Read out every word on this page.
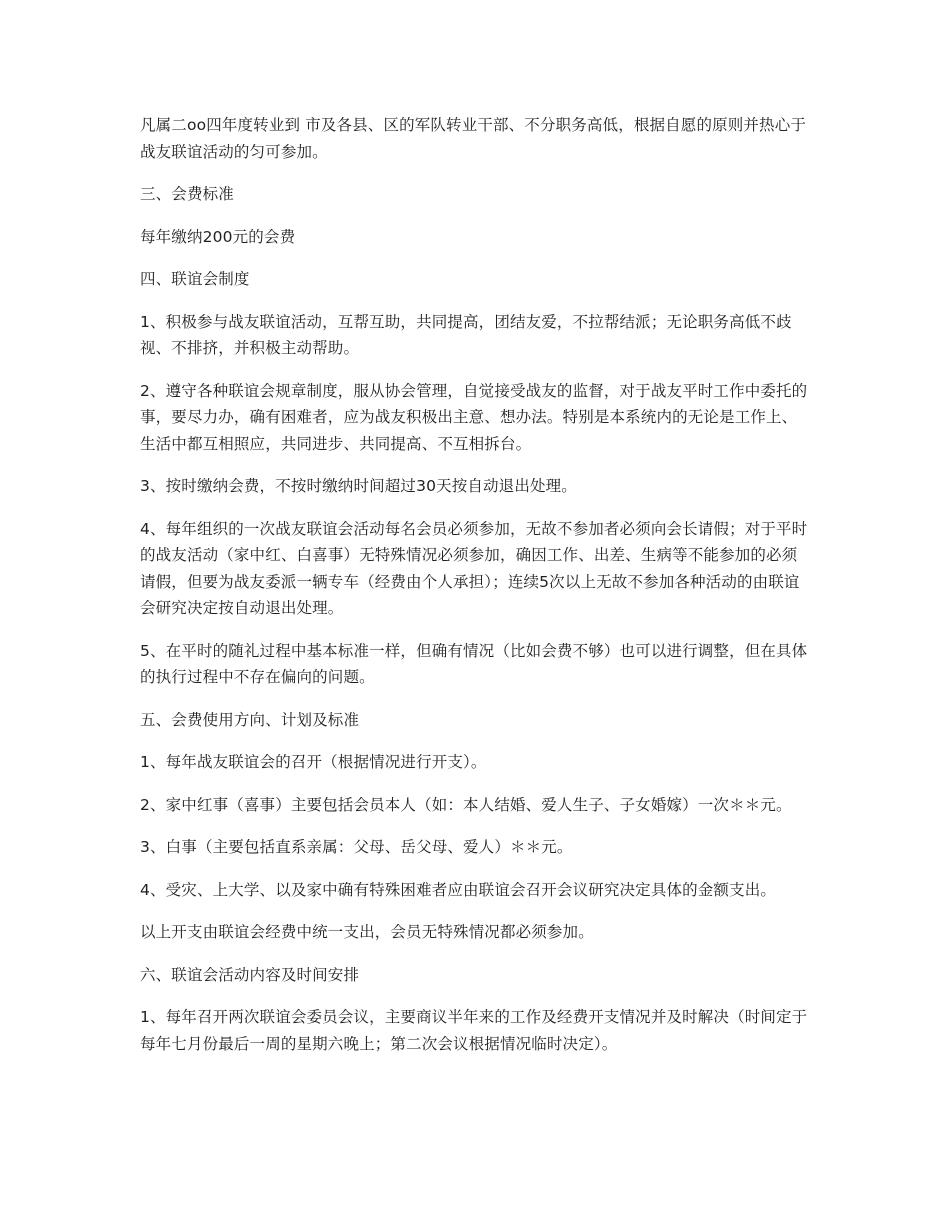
凡属二oo四年度转业到 市及各县、区的军队转业干部、不分职务高低，根据自愿的原则并热心于战友联谊活动的匀可参加。

三、会费标准

每年缴纳200元的会费

四、联谊会制度

1、积极参与战友联谊活动，互帮互助，共同提高，团结友爱，不拉帮结派；无论职务高低不歧视、不排挤，并积极主动帮助。

2、遵守各种联谊会规章制度，服从协会管理，自觉接受战友的监督，对于战友平时工作中委托的事，要尽力办，确有困难者，应为战友积极出主意、想办法。特别是本系统内的无论是工作上、生活中都互相照应，共同进步、共同提高、不互相拆台。

3、按时缴纳会费，不按时缴纳时间超过30天按自动退出处理。

4、每年组织的一次战友联谊会活动每名会员必须参加，无故不参加者必须向会长请假；对于平时的战友活动（家中红、白喜事）无特殊情况必须参加，确因工作、出差、生病等不能参加的必须请假，但要为战友委派一辆专车（经费由个人承担）；连续5次以上无故不参加各种活动的由联谊会研究决定按自动退出处理。

5、在平时的随礼过程中基本标准一样，但确有情况（比如会费不够）也可以进行调整，但在具体的执行过程中不存在偏向的问题。

五、会费使用方向、计划及标准

1、每年战友联谊会的召开（根据情况进行开支）。

2、家中红事（喜事）主要包括会员本人（如：本人结婚、爱人生子、子女婚嫁）一次＊＊元。

3、白事（主要包括直系亲属：父母、岳父母、爱人）＊＊元。

4、受灾、上大学、以及家中确有特殊困难者应由联谊会召开会议研究决定具体的金额支出。

以上开支由联谊会经费中统一支出，会员无特殊情况都必须参加。

六、联谊会活动内容及时间安排

1、每年召开两次联谊会委员会议，主要商议半年来的工作及经费开支情况并及时解决（时间定于每年七月份最后一周的星期六晚上；第二次会议根据情况临时决定）。
